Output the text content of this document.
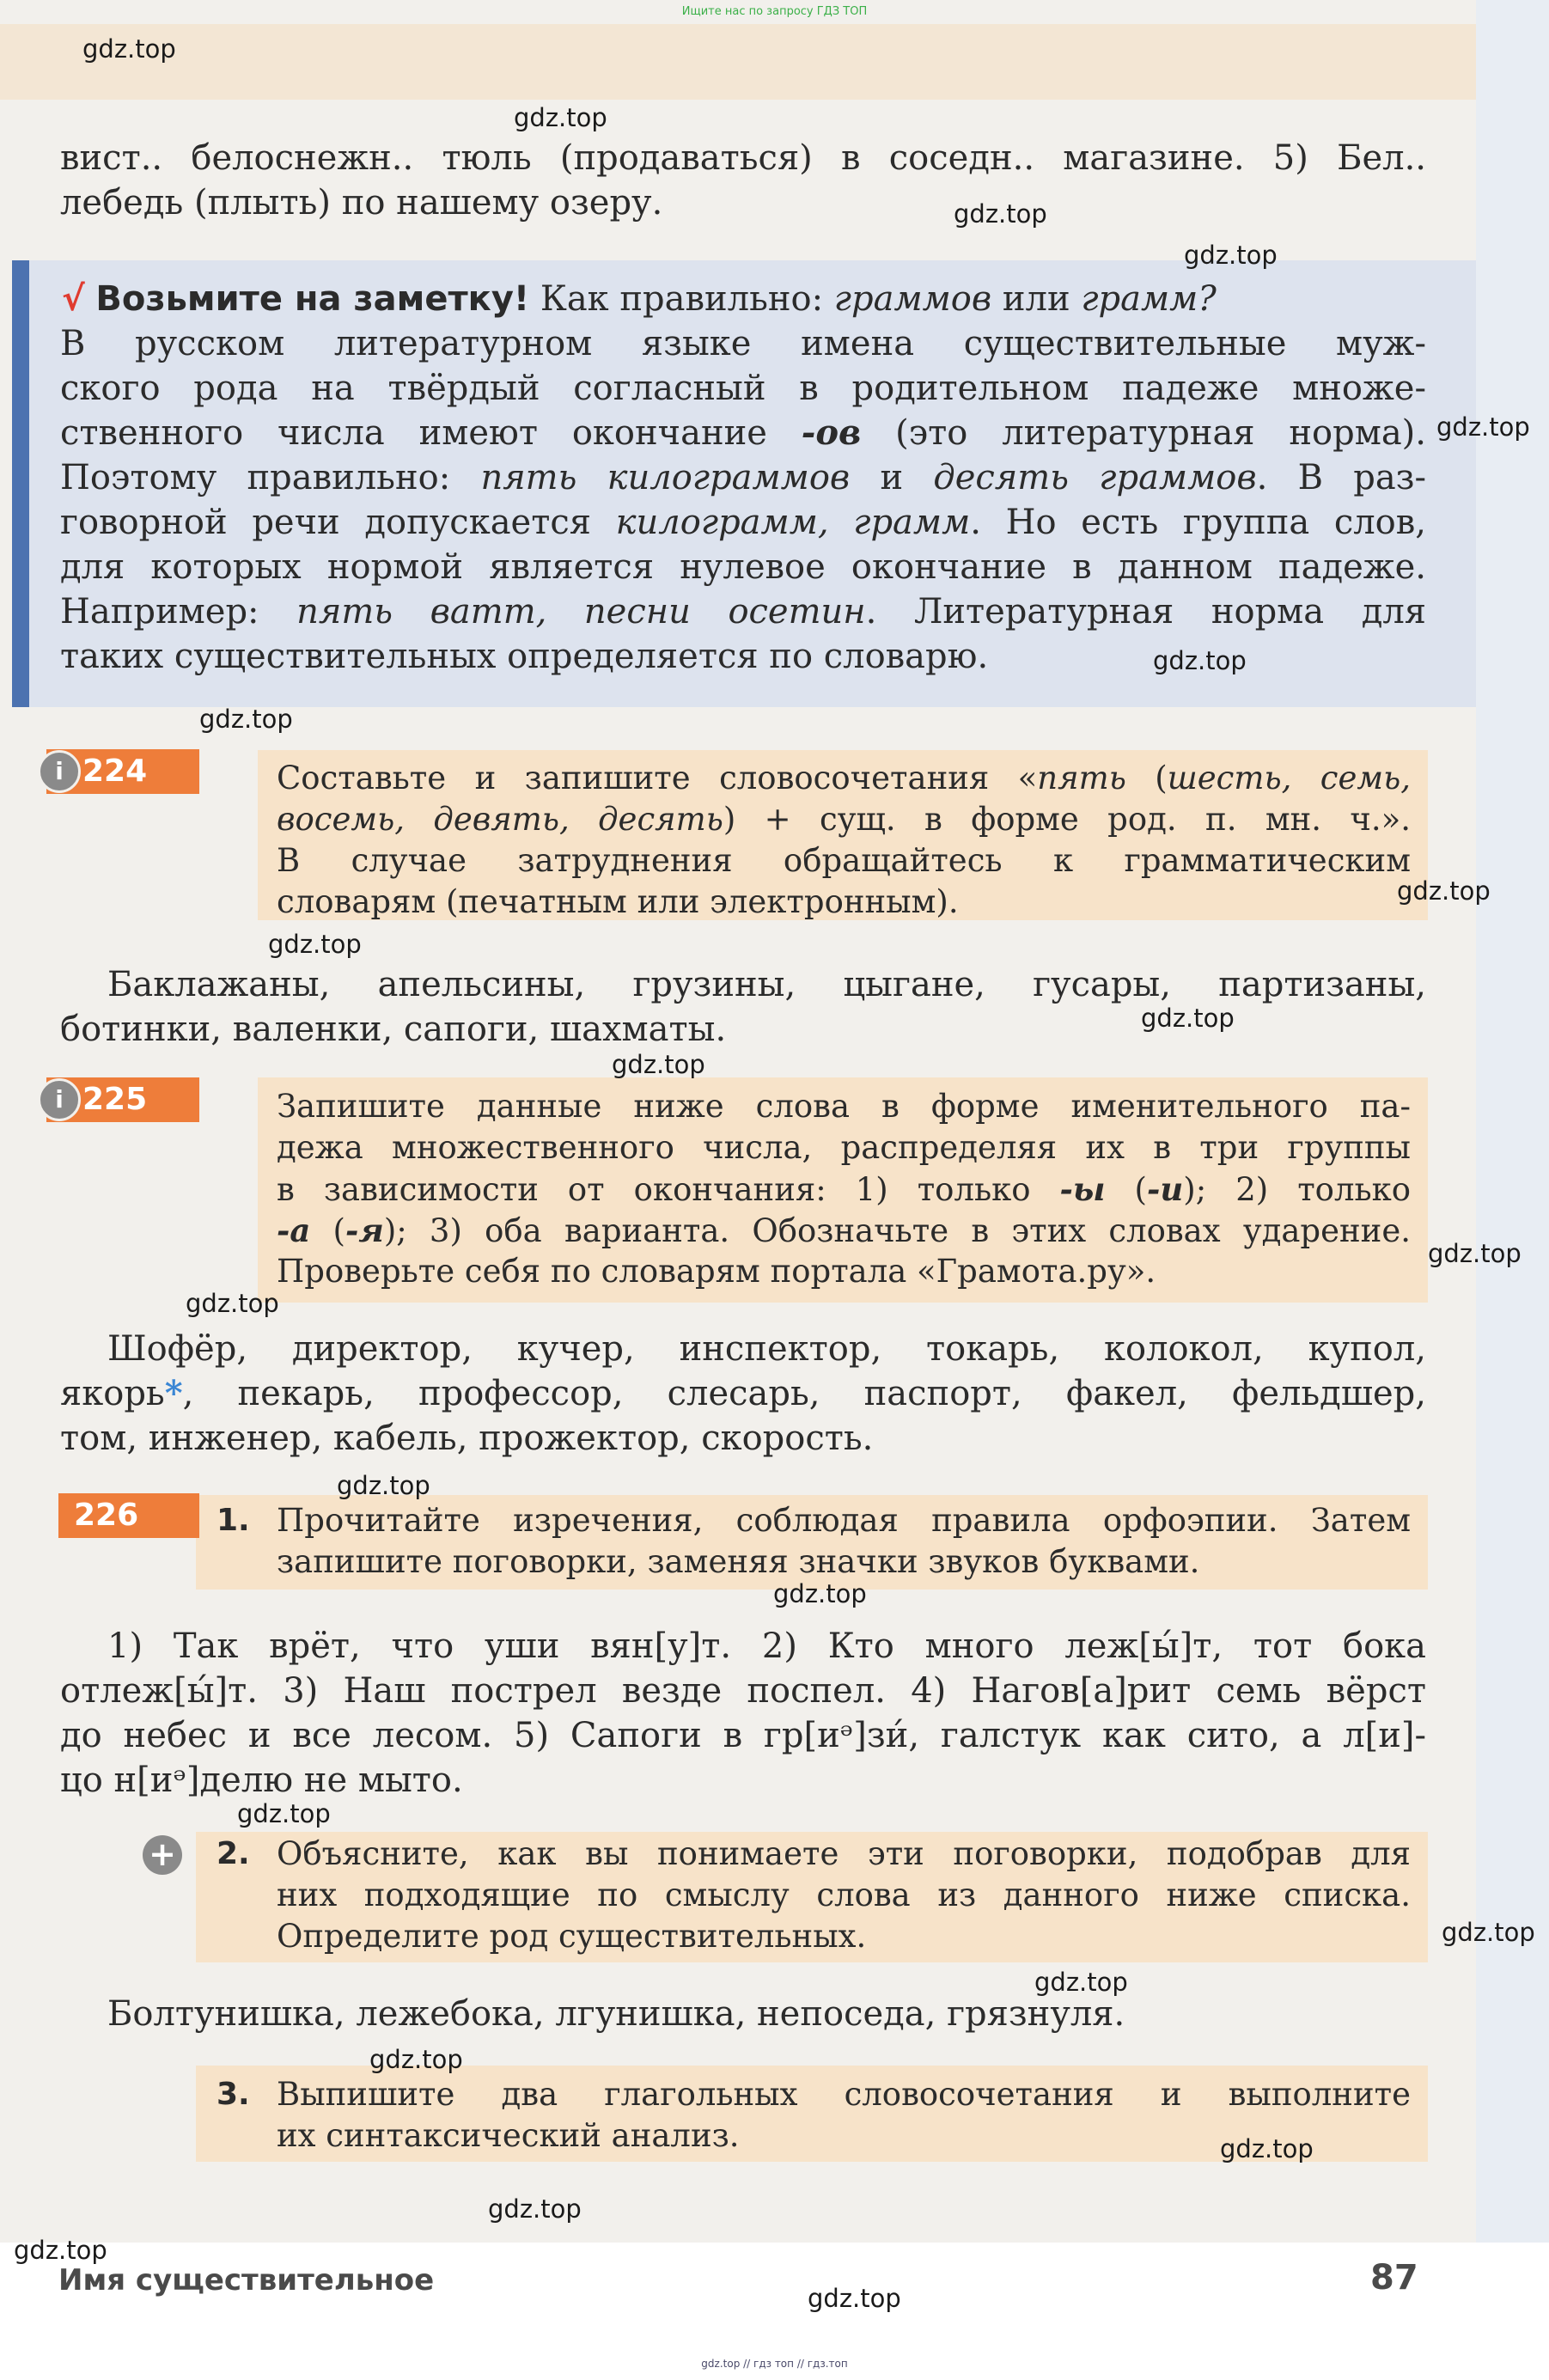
Ищите нас по запросу ГДЗ ТОП
вист.. белоснежн.. тюль (продаваться) в соседн.. магазине. 5) Бел..
лебедь (плыть) по нашему озеру.
√ Возьмите на заметку! Как правильно: граммов или грамм?
В русском литературном языке имена существительные муж-
ского рода на твёрдый согласный в родительном падеже множе-
ственного числа имеют окончание -ов (это литературная норма).
Поэтому правильно: пять килограммов и десять граммов. В раз-
говорной речи допускается килограмм, грамм. Но есть группа слов,
для которых нормой является нулевое окончание в данном падеже.
Например: пять ватт, песни осетин. Литературная норма для
таких существительных определяется по словарю.
224
i	Составьте и запишите словосочетания «пять (шесть, семь,
восемь, девять, десять) + сущ. в форме род. п. мн. ч.».
В случае затруднения обращайтесь к грамматическим
словарям (печатным или электронным).
Баклажаны, апельсины, грузины, цыгане, гусары, партизаны,
ботинки, валенки, сапоги, шахматы.
225
i	Запишите данные ниже слова в форме именительного па-
дежа множественного числа, распределяя их в три группы
в зависимости от окончания: 1) только -ы (-и); 2) только
-а (-я); 3) оба варианта. Обозначьте в этих словах ударение.
Проверьте себя по словарям портала «Грамота.ру».
Шофёр, директор, кучер, инспектор, токарь, колокол, купол,
якорь*, пекарь, профессор, слесарь, паспорт, факел, фельдшер,
том, инженер, кабель, прожектор, скорость.
226	1. Прочитайте изречения, соблюдая правила орфоэпии. Затем
запишите поговорки, заменяя значки звуков буквами.
1) Так врёт, что уши вян[у]т. 2) Кто много леж[ы́]т, тот бока
отлеж[ы́]т. 3) Наш пострел везде поспел. 4) Нагов[а]рит семь вёрст
до небес и все лесом. 5) Сапоги в гр[иᵊ]зи́, галстук как сито, а л[и]-
цо н[иᵊ]делю не мыто.
+ 2. Объясните, как вы понимаете эти поговорки, подобрав для
них подходящие по смыслу слова из данного ниже списка.
Определите род существительных.
Болтунишка, лежебока, лгунишка, непоседа, грязнуля.
3. Выпишите два глагольных словосочетания и выполните
их синтаксический анализ.
Имя существительное	87
gdz.top // гдз топ // гдз.топ
gdz.top
gdz.top
gdz.top
gdz.top
gdz.top
gdz.top
gdz.top
gdz.top
gdz.top
gdz.top
gdz.top
gdz.top
gdz.top
gdz.top
gdz.top
gdz.top
gdz.top
gdz.top
gdz.top
gdz.top
gdz.top
gdz.top
gdz.top
